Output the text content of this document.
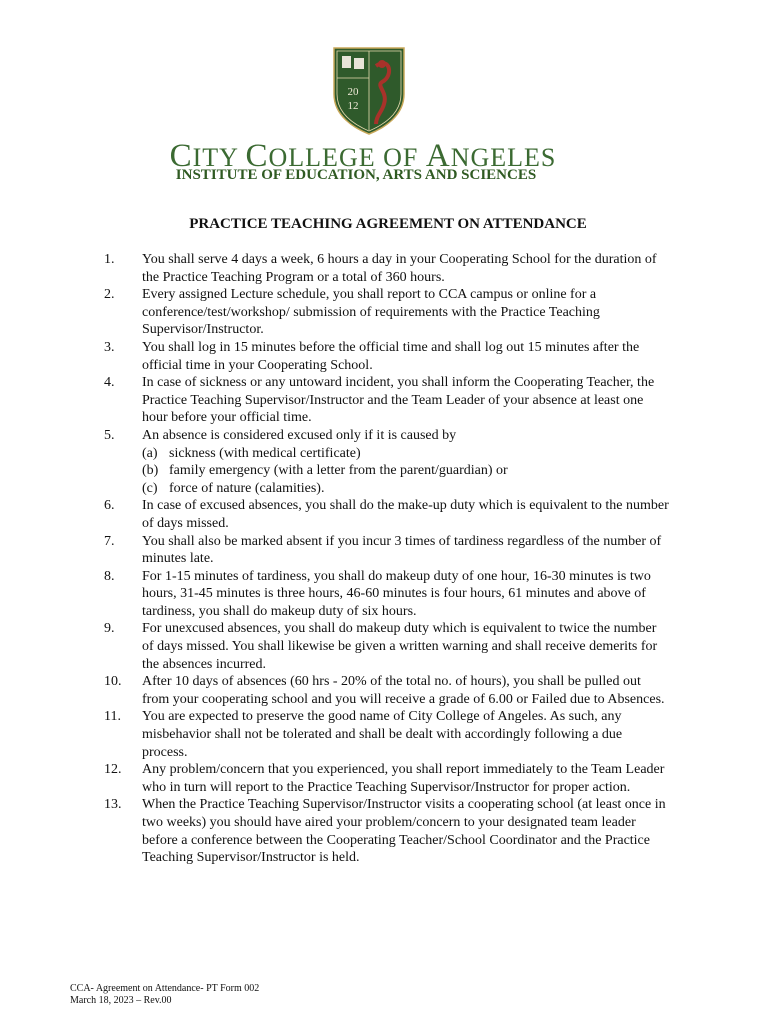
20
12
CITY COLLEGE OF ANGELES
INSTITUTE OF EDUCATION, ARTS AND SCIENCES
PRACTICE TEACHING AGREEMENT ON ATTENDANCE
1.	You shall serve 4 days a week, 6 hours a day in your Cooperating School for the duration of the Practice Teaching Program or a total of 360 hours.
2.	Every assigned Lecture schedule, you shall report to CCA campus or online for a conference/test/workshop/ submission of requirements with the Practice Teaching Supervisor/Instructor.
3.	You shall log in 15 minutes before the official time and shall log out 15 minutes after the official time in your Cooperating School.
4.	In case of sickness or any untoward incident, you shall inform the Cooperating Teacher, the Practice Teaching Supervisor/Instructor and the Team Leader of your absence at least one hour before your official time.
5.	An absence is considered excused only if it is caused by
(a) sickness (with medical certificate)
(b) family emergency (with a letter from the parent/guardian) or
(c) force of nature (calamities).
6.	In case of excused absences, you shall do the make-up duty which is equivalent to the number of days missed.
7.	You shall also be marked absent if you incur 3 times of tardiness regardless of the number of minutes late.
8.	For 1-15 minutes of tardiness, you shall do makeup duty of one hour, 16-30 minutes is two hours, 31-45 minutes is three hours, 46-60 minutes is four hours, 61 minutes and above of tardiness, you shall do makeup duty of six hours.
9.	For unexcused absences, you shall do makeup duty which is equivalent to twice the number of days missed. You shall likewise be given a written warning and shall receive demerits for the absences incurred.
10.	After 10 days of absences (60 hrs - 20% of the total no. of hours), you shall be pulled out from your cooperating school and you will receive a grade of 6.00 or Failed due to Absences.
11.	You are expected to preserve the good name of City College of Angeles. As such, any misbehavior shall not be tolerated and shall be dealt with accordingly following a due process.
12.	Any problem/concern that you experienced, you shall report immediately to the Team Leader who in turn will report to the Practice Teaching Supervisor/Instructor for proper action.
13.	When the Practice Teaching Supervisor/Instructor visits a cooperating school (at least once in two weeks) you should have aired your problem/concern to your designated team leader before a conference between the Cooperating Teacher/School Coordinator and the Practice Teaching Supervisor/Instructor is held.
CCA- Agreement on Attendance- PT Form 002
March 18, 2023 – Rev.00
